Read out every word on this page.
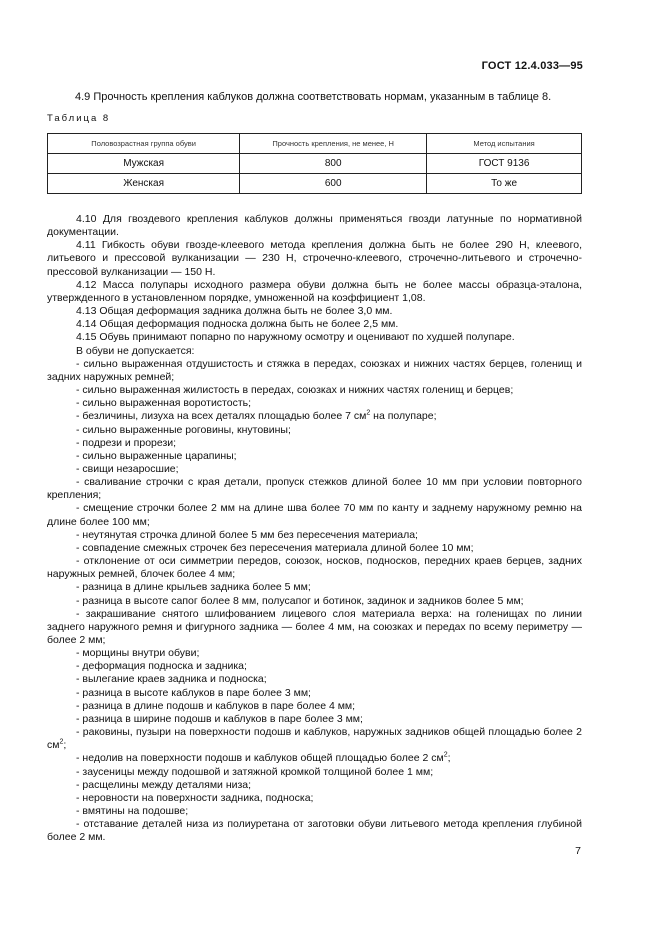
ГОСТ 12.4.033—95
4.9 Прочность крепления каблуков должна соответствовать нормам, указанным в таблице 8.
Таблица 8
Половозрастная группа обуви	Прочность крепления, не менее, Н	Метод испытания
Мужская	800	ГОСТ 9136
Женская	600	То же

4.10 Для гвоздевого крепления каблуков должны применяться гвозди латунные по нормативной документации.

4.11 Гибкость обуви гвоздe-клеевого метода крепления должна быть не более 290 Н, клеевого, литьевого и прессовой вулканизации — 230 Н, строчечно-клеевого, строчечно-литьевого и строчечно-прессовой вулканизации — 150 Н.

4.12 Масса полупары исходного размера обуви должна быть не более массы образца-эталона, утвержденного в установленном порядке, умноженной на коэффициент 1,08.

4.13 Общая деформация задника должна быть не более 3,0 мм.

4.14 Общая деформация подноска должна быть не более 2,5 мм.

4.15 Обувь принимают попарно по наружному осмотру и оценивают по худшей полупаре.

В обуви не допускается:

- сильно выраженная отдушистость и стяжка в передах, союзках и нижних частях берцев, голенищ и задних наружных ремней;

- сильно выраженная жилистость в передах, союзках и нижних частях голенищ и берцев;

- сильно выраженная воротистость;

- безличины, лизуха на всех деталях площадью более 7 $см^2$ на полупаре;

- сильно выраженные роговины, кнутовины;

- подрези и прорези;

- сильно выраженные царапины;

- свищи незаросшие;

- сваливание строчки с края детали, пропуск стежков длиной более 10 мм при условии повторного крепления;

- смещение строчки более 2 мм на длине шва более 70 мм по канту и заднему наружному ремню на длине более 100 мм;

- неутянутая строчка длиной более 5 мм без пересечения материала;

- совпадение смежных строчек без пересечения материала длиной более 10 мм;

- отклонение от оси симметрии передов, союзок, носков, подносков, передних краев берцев, задних наружных ремней, блочек более 4 мм;

- разница в длине крыльев задника более 5 мм;

- разница в высоте сапог более 8 мм, полусапог и ботинок, задинок и задников более 5 мм;

- закрашивание снятого шлифованием лицевого слоя материала верха: на голенищах по линии заднего наружного ремня и фигурного задника — более 4 мм, на союзках и передах по всему периметру — более 2 мм;

- морщины внутри обуви;

- деформация подноска и задника;

- вылегание краев задника и подноска;

- разница в высоте каблуков в паре более 3 мм;

- разница в длине подошв и каблуков в паре более 4 мм;

- разница в ширине подошв и каблуков в паре более 3 мм;

- раковины, пузыри на поверхности подошв и каблуков, наружных задников общей площадью более 2 $см^2$;

- недолив на поверхности подошв и каблуков общей площадью более 2 $см^2$;

- заусеницы между подошвой и затяжной кромкой толщиной более 1 мм;

- расщелины между деталями низа;

- неровности на поверхности задника, подноска;

- вмятины на подошве;

- отставание деталей низа из полиуретана от заготовки обуви литьевого метода крепления глубиной более 2 мм.

7
